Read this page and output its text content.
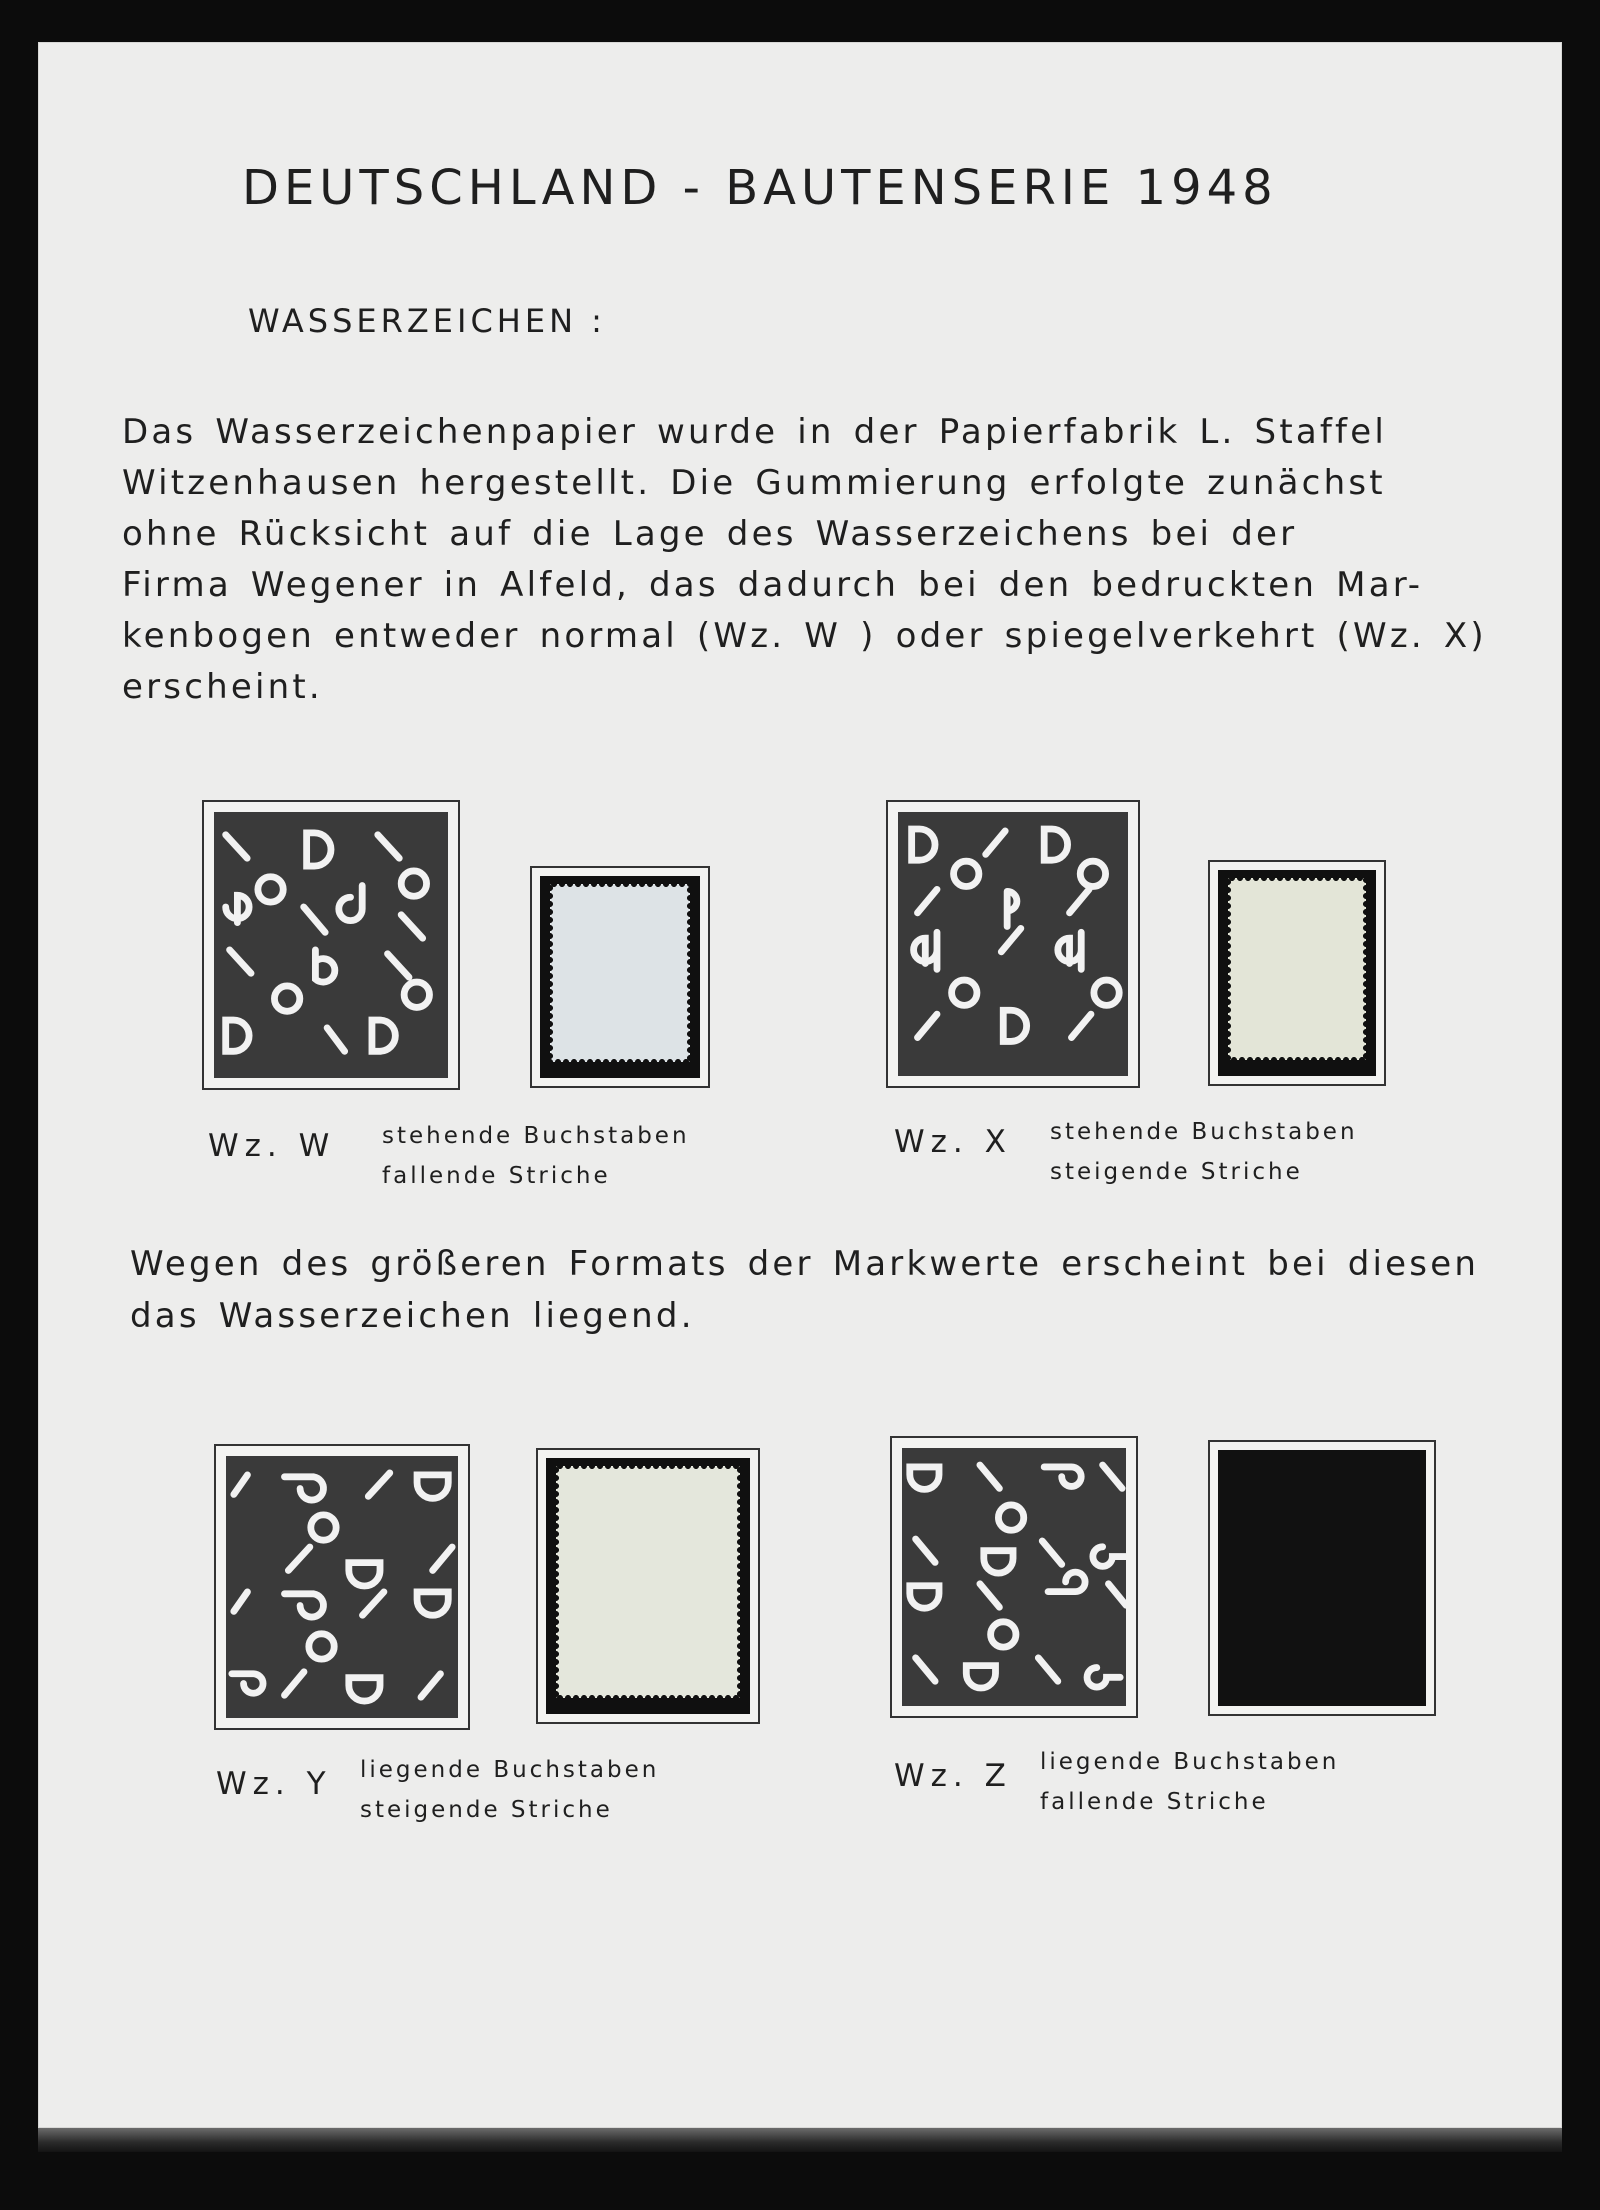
DEUTSCHLAND - BAUTENSERIE 1948
WASSERZEICHEN :
Das Wasserzeichenpapier wurde in der Papierfabrik L. Staffel
Witzenhausen hergestellt. Die Gummierung erfolgte zunächst
ohne Rücksicht auf die Lage des Wasserzeichens bei der
Firma Wegener in Alfeld, das dadurch bei den bedruckten Mar-
kenbogen entweder normal (Wz. W ) oder spiegelverkehrt (Wz. X)
erscheint.
Wz. W stehende Buchstaben
fallende Striche
Wz. X stehende Buchstaben
steigende Striche
Wegen des größeren Formats der Markwerte erscheint bei diesen
das Wasserzeichen liegend.
Wz. Y liegende Buchstaben
steigende Striche
Wz. Z liegende Buchstaben
fallende Striche
